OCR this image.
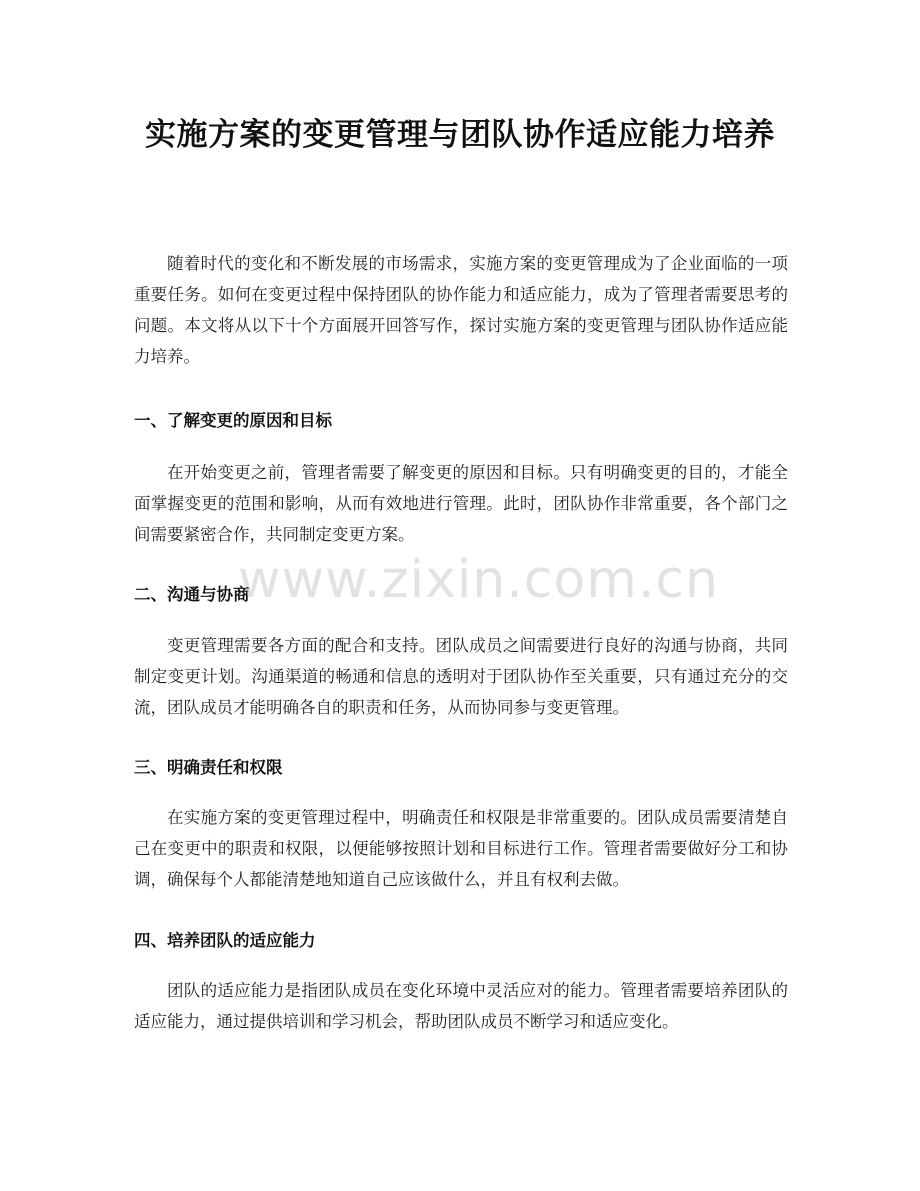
实施方案的变更管理与团队协作适应能力培养

随着时代的变化和不断发展的市场需求，实施方案的变更管理成为了企业面临的一项重要任务。如何在变更过程中保持团队的协作能力和适应能力，成为了管理者需要思考的问题。本文将从以下十个方面展开回答写作，探讨实施方案的变更管理与团队协作适应能力培养。

一、了解变更的原因和目标

在开始变更之前，管理者需要了解变更的原因和目标。只有明确变更的目的，才能全面掌握变更的范围和影响，从而有效地进行管理。此时，团队协作非常重要，各个部门之间需要紧密合作，共同制定变更方案。

二、沟通与协商

变更管理需要各方面的配合和支持。团队成员之间需要进行良好的沟通与协商，共同制定变更计划。沟通渠道的畅通和信息的透明对于团队协作至关重要，只有通过充分的交流，团队成员才能明确各自的职责和任务，从而协同参与变更管理。

三、明确责任和权限

在实施方案的变更管理过程中，明确责任和权限是非常重要的。团队成员需要清楚自己在变更中的职责和权限，以便能够按照计划和目标进行工作。管理者需要做好分工和协调，确保每个人都能清楚地知道自己应该做什么，并且有权利去做。

四、培养团队的适应能力

团队的适应能力是指团队成员在变化环境中灵活应对的能力。管理者需要培养团队的适应能力，通过提供培训和学习机会，帮助团队成员不断学习和适应变化。

www.zixin.com.cn
